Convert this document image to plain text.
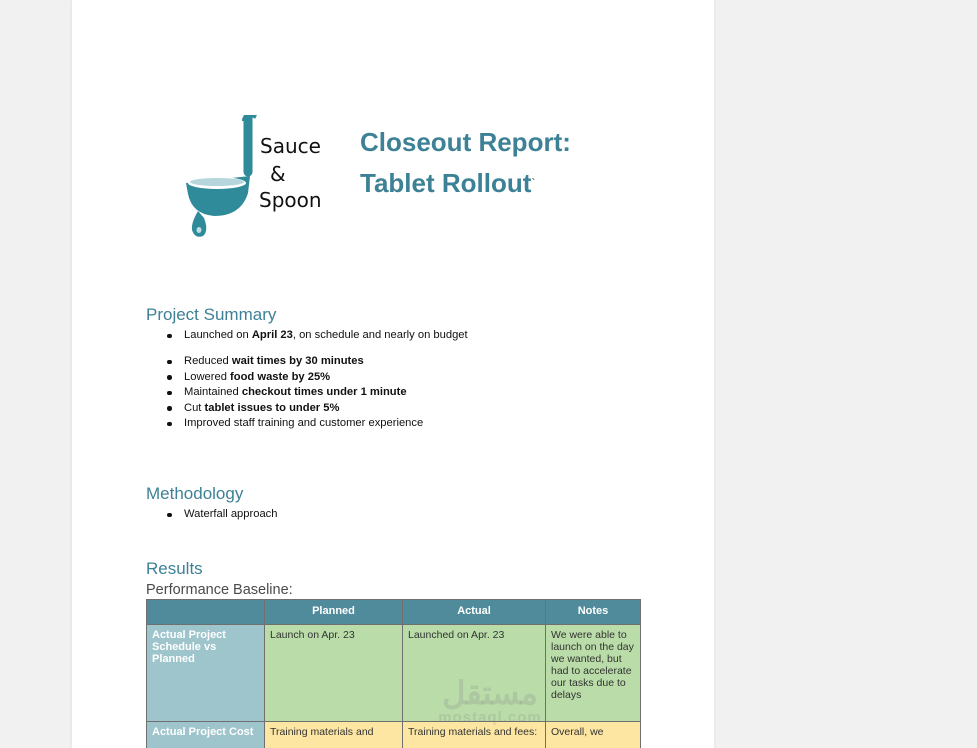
Sauce
&
Spoon
Closeout Report:
Tablet Rollout`
Project Summary
Launched on April 23, on schedule and nearly on budget
Reduced wait times by 30 minutes
Lowered food waste by 25%
Maintained checkout times under 1 minute
Cut tablet issues to under 5%
Improved staff training and customer experience
Methodology
Waterfall approach
Results
Performance Baseline:
	Planned	Actual	Notes
Actual Project Schedule vs Planned	Launch on Apr. 23	Launched on Apr. 23	We were able to launch on the day we wanted, but had to accelerate our tasks due to delays
Actual Project Cost	Training materials and	Training materials and fees:	Overall, we
مستقل
mostaql.com
